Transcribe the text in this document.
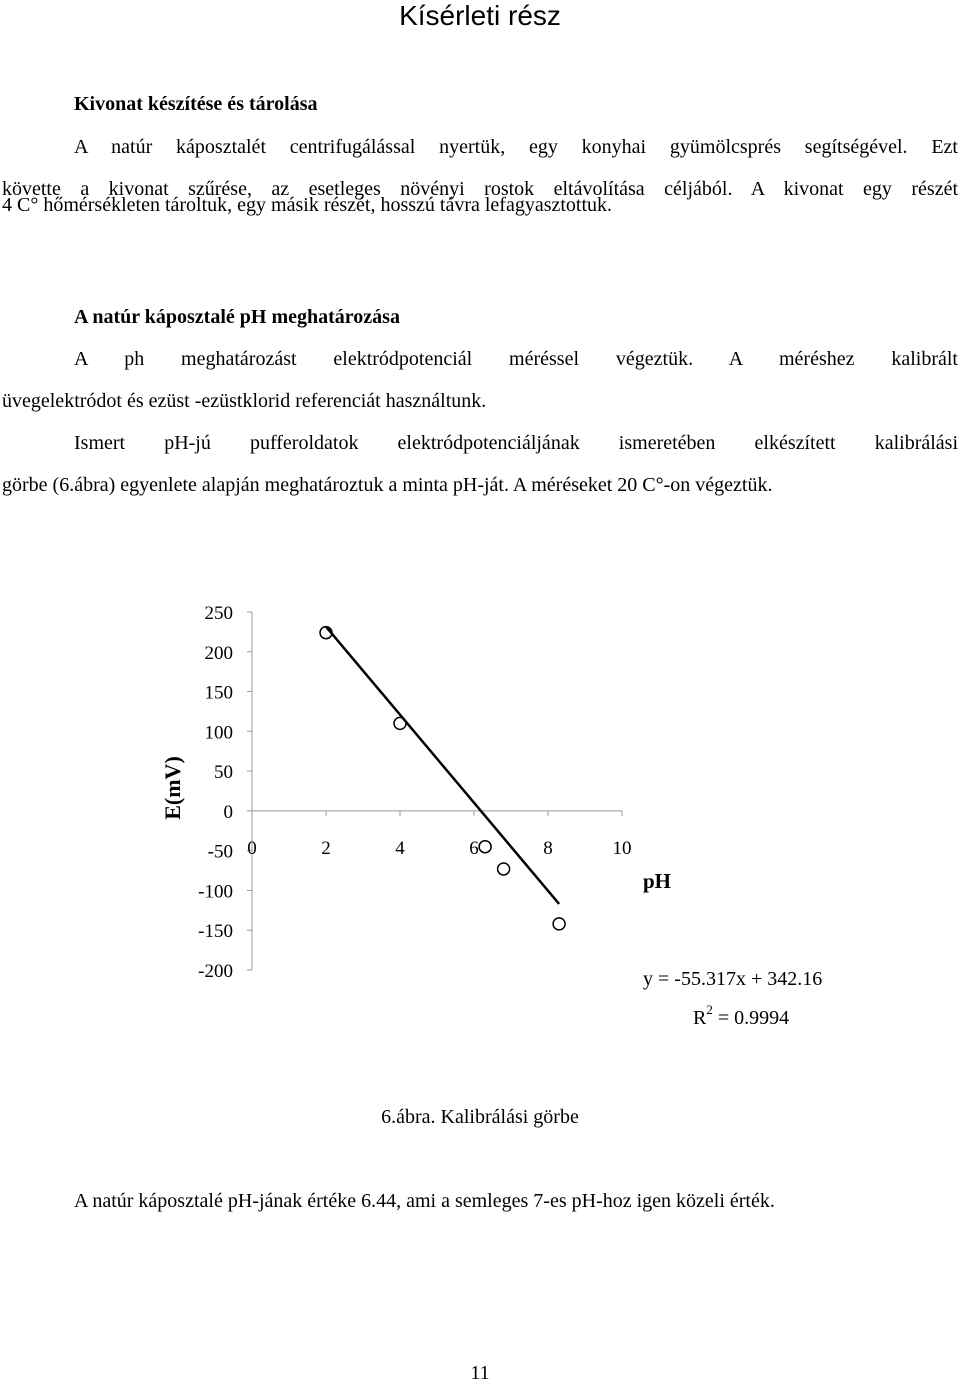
Kísérleti rész
Kivonat készítése és tárolása
A natúr káposztalét centrifugálással nyertük, egy konyhai gyümölcsprés segítségével. Ezt
követte a kivonat szűrése, az esetleges növényi rostok eltávolítása céljából. A kivonat egy részét
4 C° hőmérsékleten tároltuk, egy másik részét, hosszú távra lefagyasztottuk.
A natúr káposztalé pH meghatározása
A ph meghatározást elektródpotenciál méréssel végeztük. A méréshez kalibrált
üvegelektródot és ezüst -ezüstklorid referenciát használtunk.
Ismert pH-jú pufferoldatok elektródpotenciáljának ismeretében elkészített kalibrálási
görbe (6.ábra) egyenlete alapján meghatároztuk a minta pH-ját. A méréseket 20 C°-on végeztük.
250
200
150
100
50
0
-50
-100
-150
-200
0	2	4	6	8	10
E(mV)
pH
y = -55.317x + 342.16
$R^2 = 0.9994$
6.ábra. Kalibrálási görbe
A natúr káposztalé pH-jának értéke 6.44, ami a semleges 7-es pH-hoz igen közeli érték.
11
